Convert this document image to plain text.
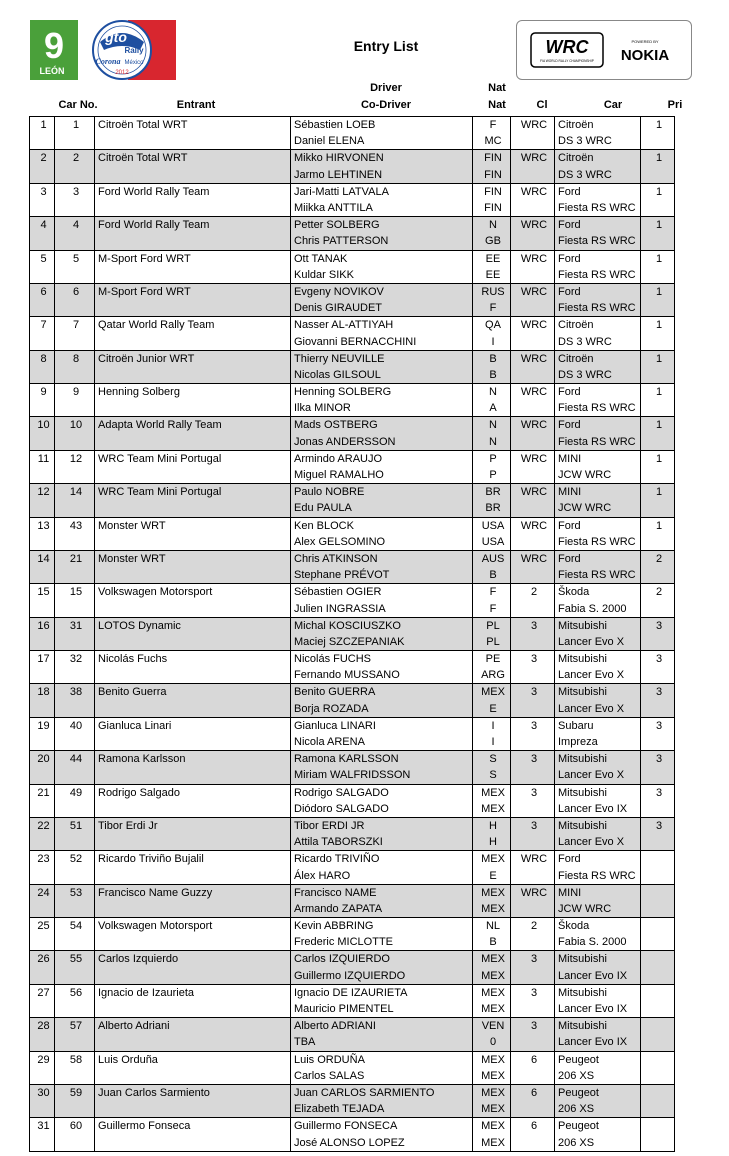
9
LEÓN
gto
Rally
Corona México
2012
Entry List	WRC
FIA WORLD RALLY CHAMPIONSHIP
POWERED BY
NOKIA
Driver	Nat
Car No.	Entrant	Co-Driver	Nat	Cl	Car	Pri
1	1	Citroën Total WRT	Sébastien LOEB	F	WRC	Citroën	1
			Daniel ELENA	MC		DS 3 WRC	
2	2	Citroën Total WRT	Mikko HIRVONEN	FIN	WRC	Citroën	1
			Jarmo LEHTINEN	FIN		DS 3 WRC	
3	3	Ford World Rally Team	Jari-Matti LATVALA	FIN	WRC	Ford	1
			Miikka ANTTILA	FIN		Fiesta RS WRC	
4	4	Ford World Rally Team	Petter SOLBERG	N	WRC	Ford	1
			Chris PATTERSON	GB		Fiesta RS WRC	
5	5	M-Sport Ford WRT	Ott TANAK	EE	WRC	Ford	1
			Kuldar SIKK	EE		Fiesta RS WRC	
6	6	M-Sport Ford WRT	Evgeny NOVIKOV	RUS	WRC	Ford	1
			Denis GIRAUDET	F		Fiesta RS WRC	
7	7	Qatar World Rally Team	Nasser AL-ATTIYAH	QA	WRC	Citroën	1
			Giovanni BERNACCHINI	I		DS 3 WRC	
8	8	Citroën Junior WRT	Thierry NEUVILLE	B	WRC	Citroën	1
			Nicolas GILSOUL	B		DS 3 WRC	
9	9	Henning Solberg	Henning SOLBERG	N	WRC	Ford	1
			Ilka MINOR	A		Fiesta RS WRC	
10	10	Adapta World Rally Team	Mads OSTBERG	N	WRC	Ford	1
			Jonas ANDERSSON	N		Fiesta RS WRC	
11	12	WRC Team Mini Portugal	Armindo ARAUJO	P	WRC	MINI	1
			Miguel RAMALHO	P		JCW WRC	
12	14	WRC Team Mini Portugal	Paulo NOBRE	BR	WRC	MINI	1
			Edu PAULA	BR		JCW WRC	
13	43	Monster WRT	Ken BLOCK	USA	WRC	Ford	1
			Alex GELSOMINO	USA		Fiesta RS WRC	
14	21	Monster WRT	Chris ATKINSON	AUS	WRC	Ford	2
			Stephane PRÉVOT	B		Fiesta RS WRC	
15	15	Volkswagen Motorsport	Sébastien OGIER	F	2	Škoda	2
			Julien INGRASSIA	F		Fabia S. 2000	
16	31	LOTOS Dynamic	Michal KOSCIUSZKO	PL	3	Mitsubishi	3
			Maciej SZCZEPANIAK	PL		Lancer Evo X	
17	32	Nicolás Fuchs	Nicolás FUCHS	PE	3	Mitsubishi	3
			Fernando MUSSANO	ARG		Lancer Evo X	
18	38	Benito Guerra	Benito GUERRA	MEX	3	Mitsubishi	3
			Borja ROZADA	E		Lancer Evo X	
19	40	Gianluca Linari	Gianluca LINARI	I	3	Subaru	3
			Nicola ARENA	I		Impreza	
20	44	Ramona Karlsson	Ramona KARLSSON	S	3	Mitsubishi	3
			Miriam WALFRIDSSON	S		Lancer Evo X	
21	49	Rodrigo Salgado	Rodrigo SALGADO	MEX	3	Mitsubishi	3
			Diódoro SALGADO	MEX		Lancer Evo IX	
22	51	Tibor Erdi Jr	Tibor ERDI JR	H	3	Mitsubishi	3
			Attila TABORSZKI	H		Lancer Evo X	
23	52	Ricardo Triviño Bujalil	Ricardo TRIVIÑO	MEX	WRC	Ford	
			Álex HARO	E		Fiesta RS WRC	
24	53	Francisco Name Guzzy	Francisco NAME	MEX	WRC	MINI	
			Armando ZAPATA	MEX		JCW WRC	
25	54	Volkswagen Motorsport	Kevin ABBRING	NL	2	Škoda	
			Frederic MICLOTTE	B		Fabia S. 2000	
26	55	Carlos Izquierdo	Carlos IZQUIERDO	MEX	3	Mitsubishi	
			Guillermo IZQUIERDO	MEX		Lancer Evo IX	
27	56	Ignacio de Izaurieta	Ignacio DE IZAURIETA	MEX	3	Mitsubishi	
			Mauricio PIMENTEL	MEX		Lancer Evo IX	
28	57	Alberto Adriani	Alberto ADRIANI	VEN	3	Mitsubishi	
			TBA	0		Lancer Evo IX	
29	58	Luis Orduña	Luis ORDUÑA	MEX	6	Peugeot	
			Carlos SALAS	MEX		206 XS	
30	59	Juan Carlos Sarmiento	Juan CARLOS SARMIENTO	MEX	6	Peugeot	
			Elizabeth TEJADA	MEX		206 XS	
31	60	Guillermo Fonseca	Guillermo FONSECA	MEX	6	Peugeot	
			José ALONSO LOPEZ	MEX		206 XS	
